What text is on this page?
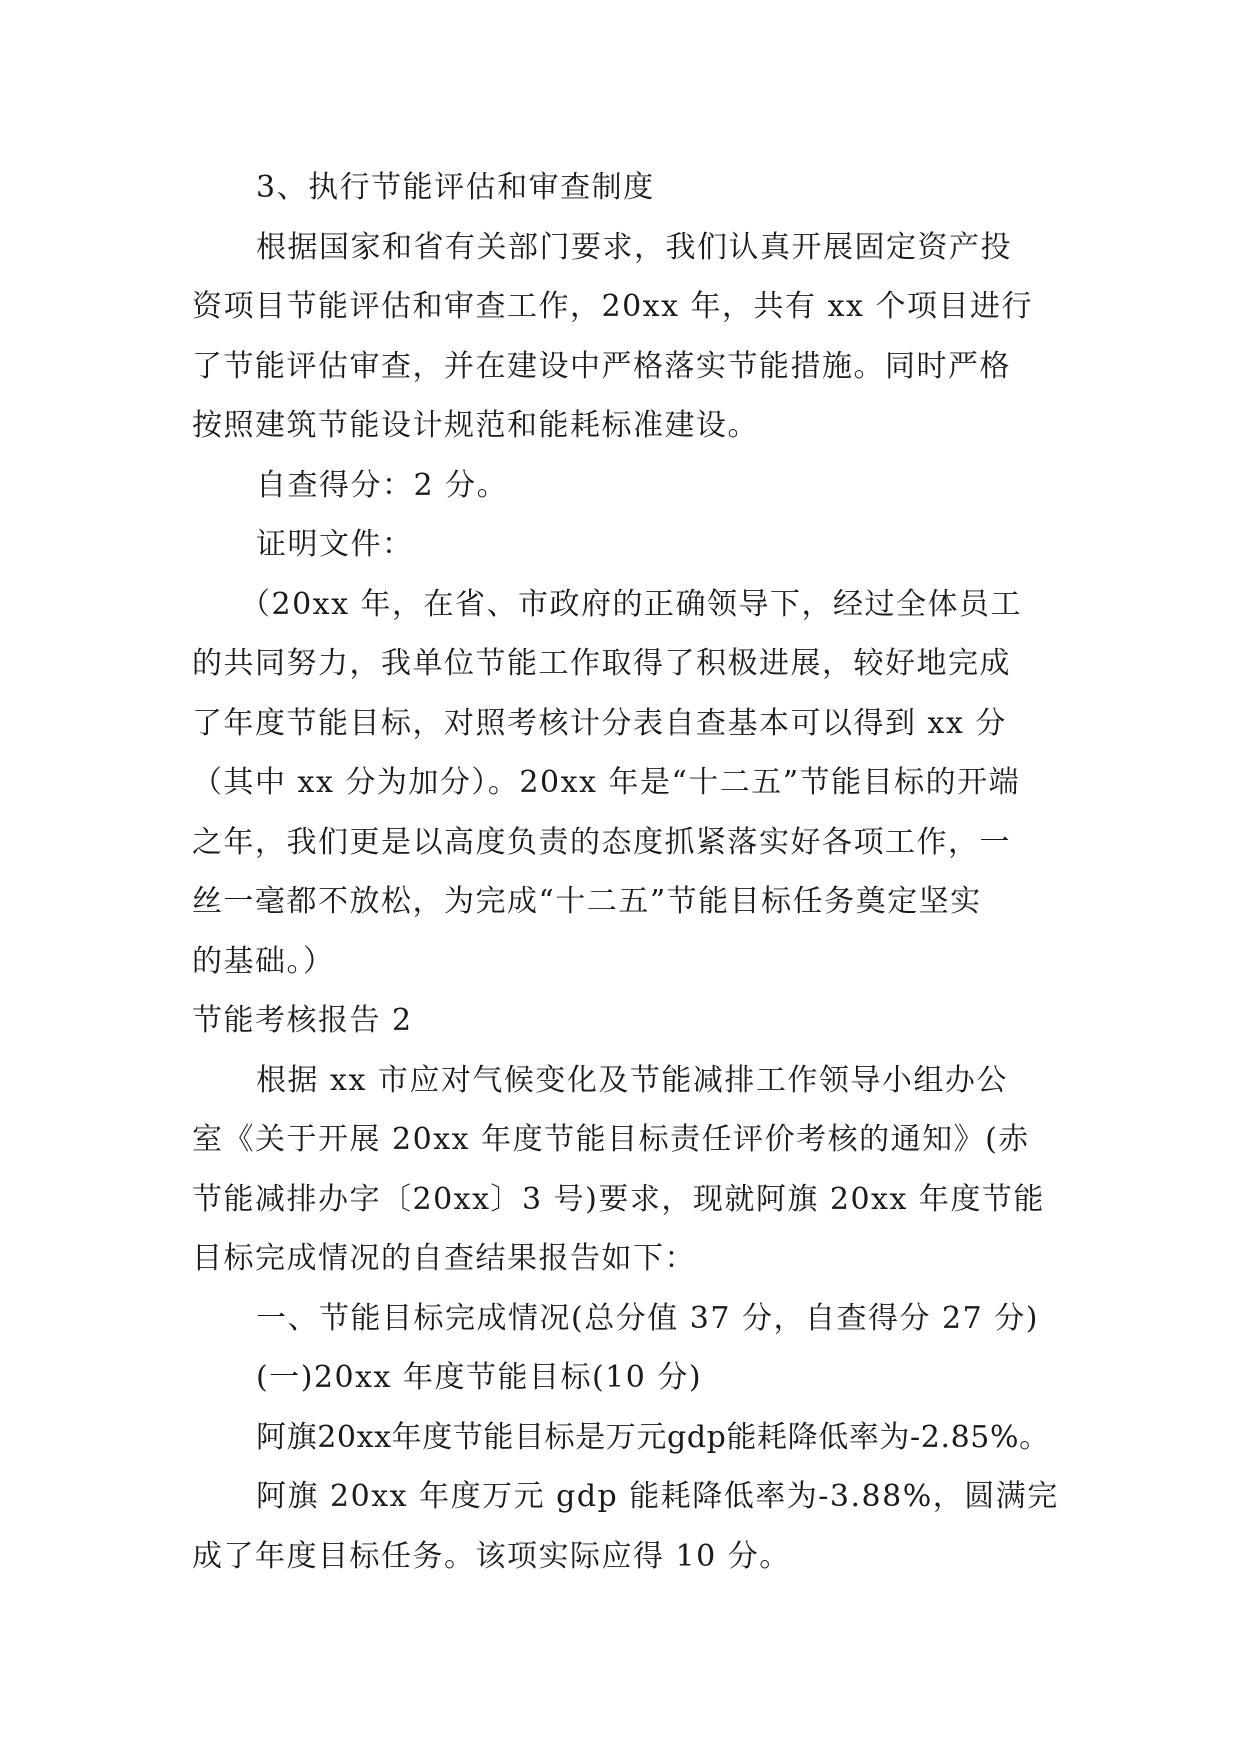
3、执行节能评估和审查制度
根据国家和省有关部门要求，我们认真开展固定资产投
资项目节能评估和审查工作，20xx 年，共有 xx 个项目进行
了节能评估审查，并在建设中严格落实节能措施。同时严格
按照建筑节能设计规范和能耗标准建设。
自查得分：2 分。
证明文件：
（20xx 年，在省、市政府的正确领导下，经过全体员工
的共同努力，我单位节能工作取得了积极进展，较好地完成
了年度节能目标，对照考核计分表自查基本可以得到 xx 分
（其中 xx 分为加分）。20xx 年是“十二五”节能目标的开端
之年，我们更是以高度负责的态度抓紧落实好各项工作，一
丝一毫都不放松，为完成“十二五”节能目标任务奠定坚实
的基础。）
节能考核报告 2
根据 xx 市应对气候变化及节能减排工作领导小组办公
室《关于开展 20xx 年度节能目标责任评价考核的通知》(赤
节能减排办字〔20xx〕3 号)要求，现就阿旗 20xx 年度节能
目标完成情况的自查结果报告如下：
一、节能目标完成情况(总分值 37 分，自查得分 27 分)
(一)20xx 年度节能目标(10 分)
阿旗20xx年度节能目标是万元gdp能耗降低率为-2.85%。
阿旗 20xx 年度万元 gdp 能耗降低率为-3.88%，圆满完
成了年度目标任务。该项实际应得 10 分。
